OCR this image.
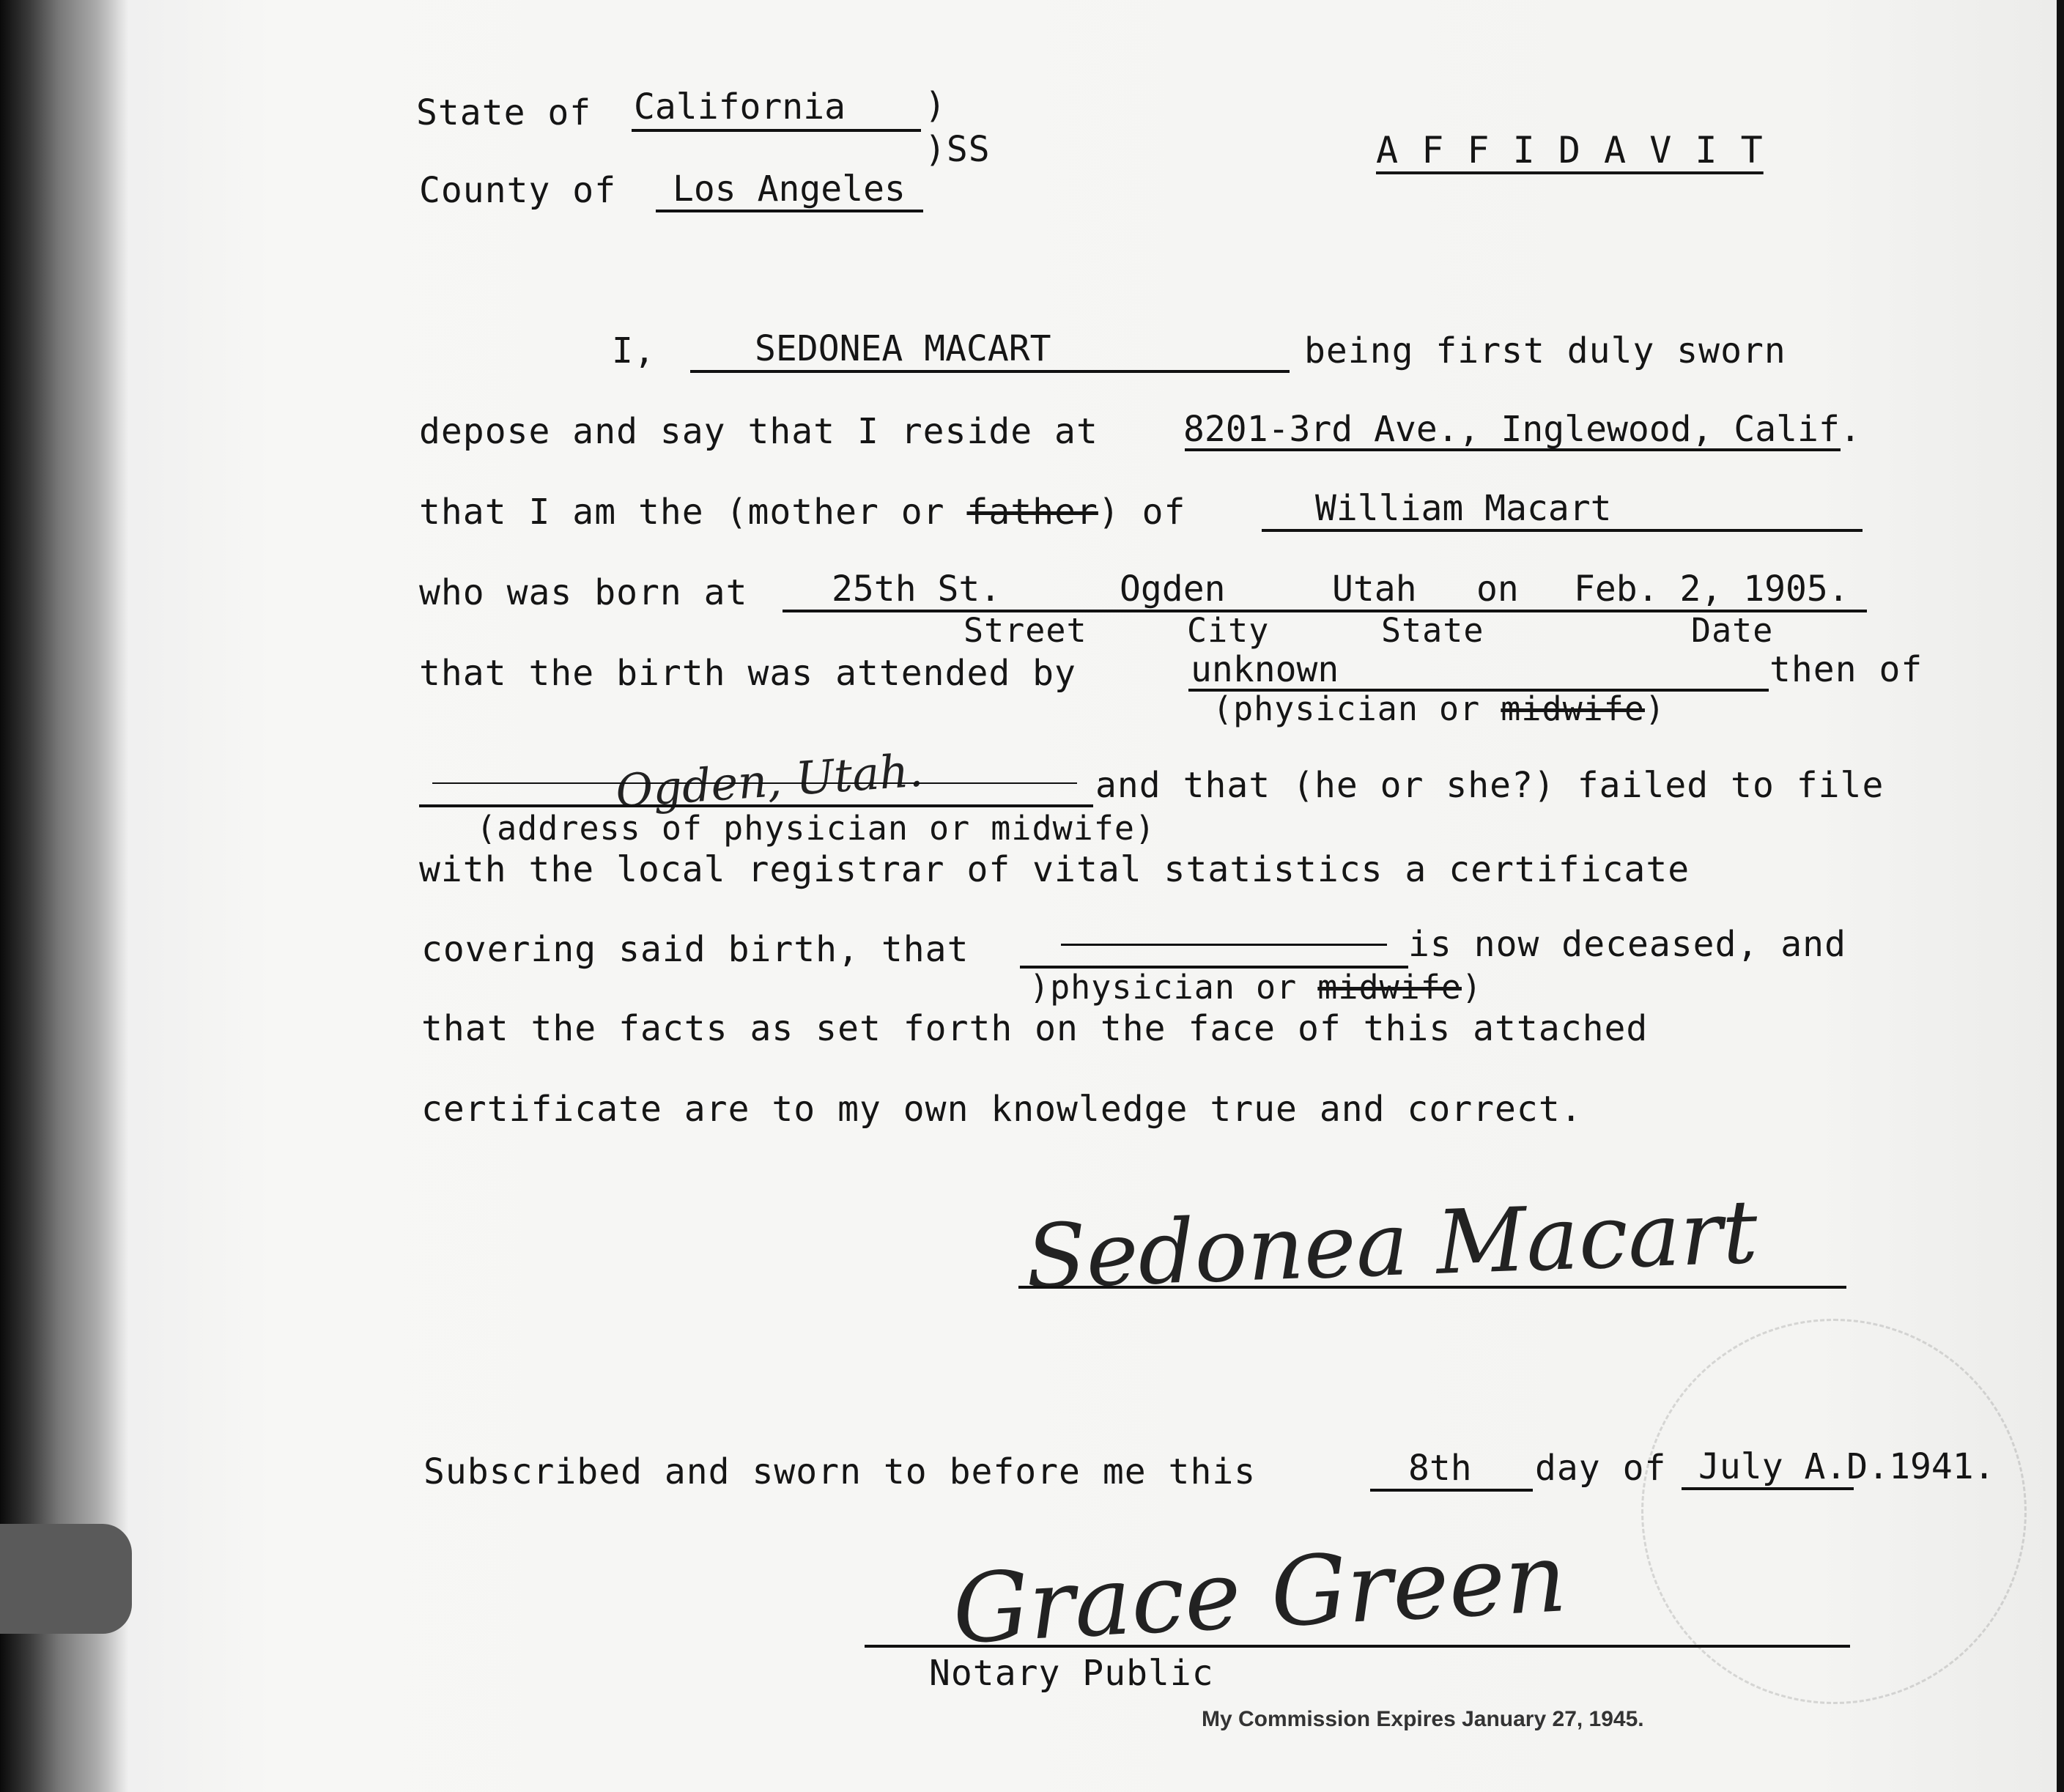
State of California )
)SS
County of Los Angeles
A F F I D A V I T
I,	SEDONEA MACART	being first duly sworn
depose and say that I reside at 8201-3rd Ave., Inglewood, Calif.
that I am the (mother or father) of	William Macart
who was born at 25th St.	Ogden	Utah on Feb. 2, 1905.
Street	City	State	Date
that the birth was attended by	unknown	then of
(physician or midwife)
Ogden, Utah.	and that (he or she?) failed to file
(address of physician or midwife)
with the local registrar of vital statistics a certificate
covering said birth, that	is now deceased, and
)physician or midwife)
that the facts as set forth on the face of this attached
certificate are to my own knowledge true and correct.
Sedonea Macart
Subscribed and sworn to before me this	8th day of July A.D.1941.
Grace Green
Notary Public
My Commission Expires January 27, 1945.
